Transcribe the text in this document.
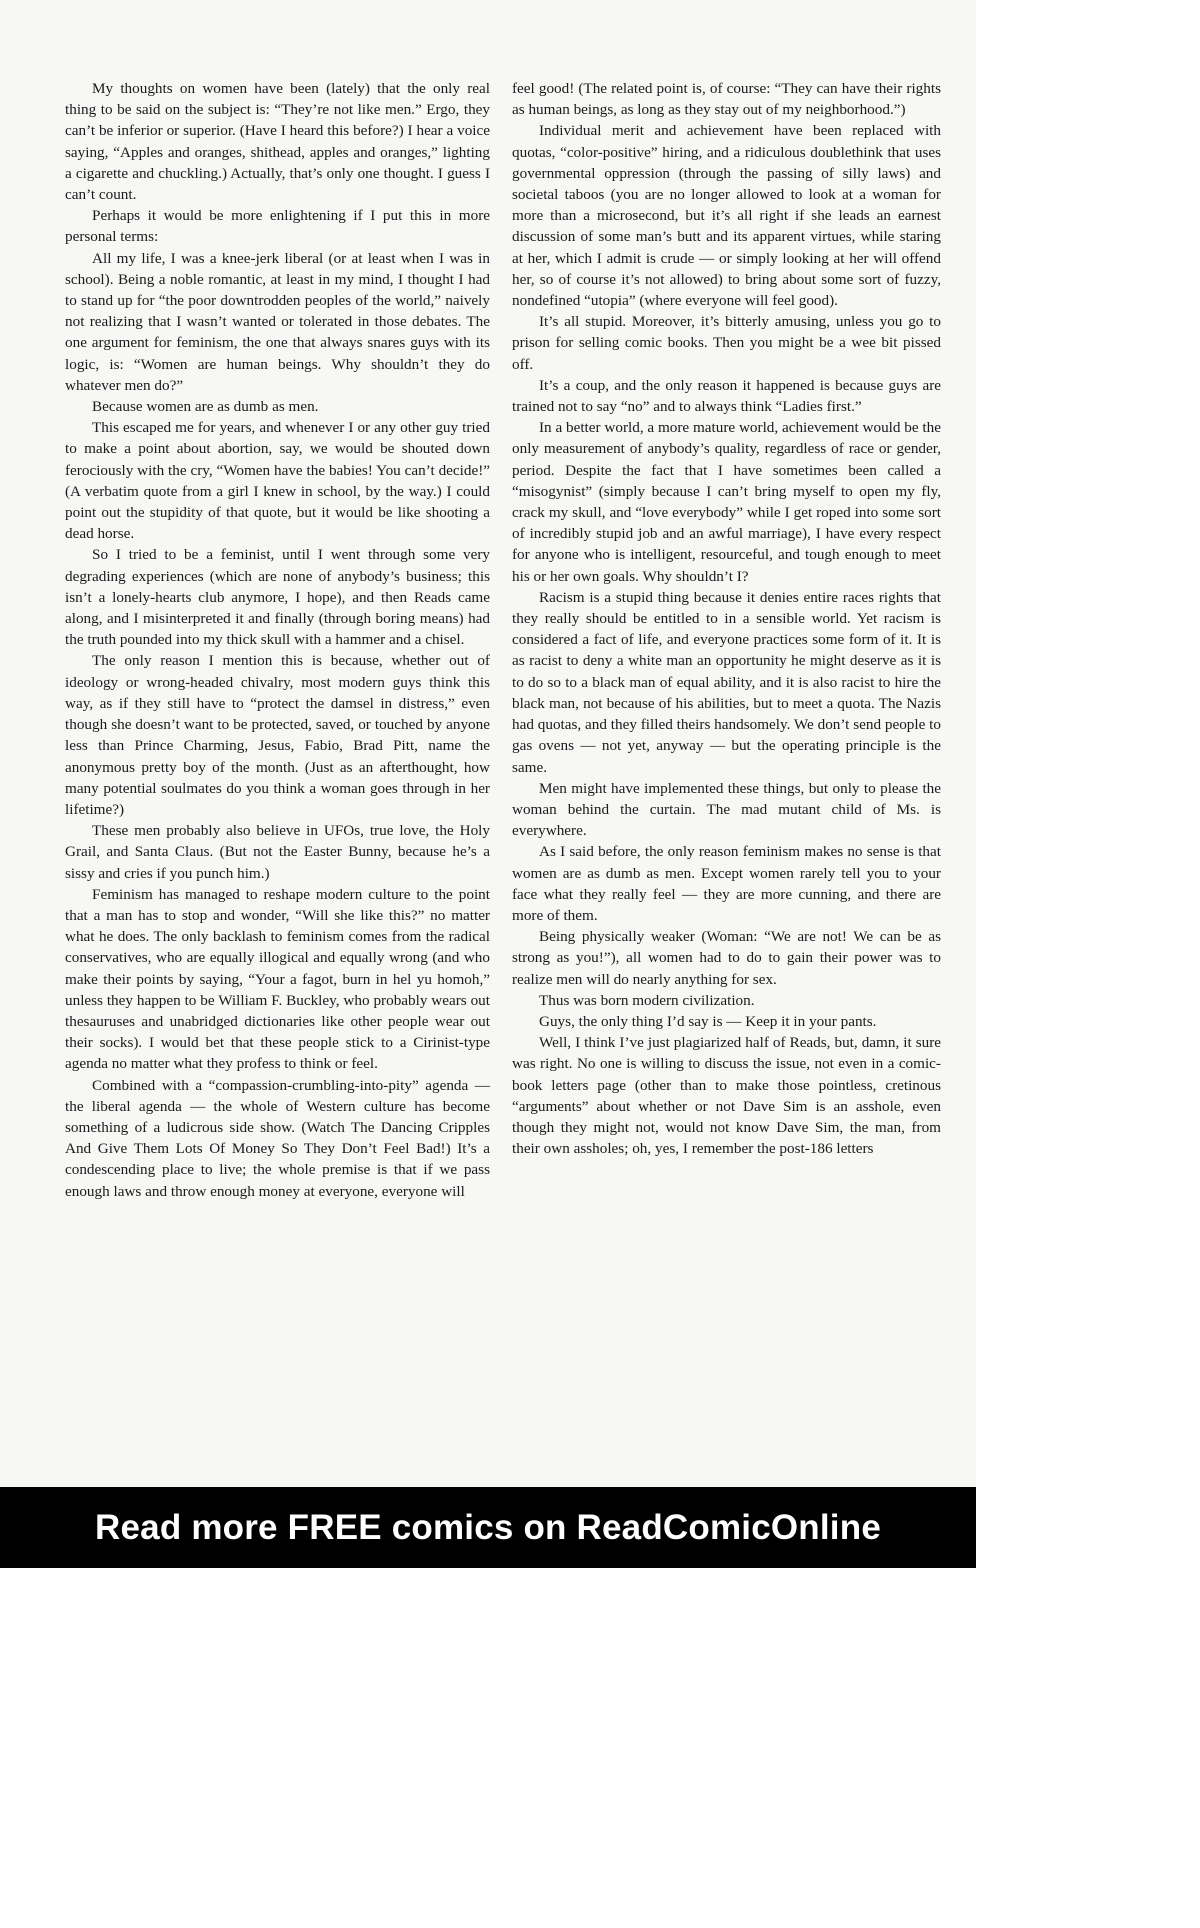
My thoughts on women have been (lately) that the only real thing to be said on the subject is: “They’re not like men.” Ergo, they can’t be inferior or superior. (Have I heard this before?) I hear a voice saying, “Apples and oranges, shithead, apples and oranges,” lighting a cigarette and chuckling.) Actually, that’s only one thought. I guess I can’t count.

Perhaps it would be more enlightening if I put this in more personal terms:

All my life, I was a knee-jerk liberal (or at least when I was in school). Being a noble romantic, at least in my mind, I thought I had to stand up for “the poor downtrodden peoples of the world,” naively not realizing that I wasn’t wanted or tolerated in those debates. The one argument for feminism, the one that always snares guys with its logic, is: “Women are human beings. Why shouldn’t they do whatever men do?”

Because women are as dumb as men.

This escaped me for years, and whenever I or any other guy tried to make a point about abortion, say, we would be shouted down ferociously with the cry, “Women have the babies! You can’t decide!” (A verbatim quote from a girl I knew in school, by the way.) I could point out the stupidity of that quote, but it would be like shooting a dead horse.

So I tried to be a feminist, until I went through some very degrading experiences (which are none of anybody’s business; this isn’t a lonely-hearts club anymore, I hope), and then Reads came along, and I misinterpreted it and finally (through boring means) had the truth pounded into my thick skull with a hammer and a chisel.

The only reason I mention this is because, whether out of ideology or wrong-headed chivalry, most modern guys think this way, as if they still have to “protect the damsel in distress,” even though she doesn’t want to be protected, saved, or touched by anyone less than Prince Charming, Jesus, Fabio, Brad Pitt, name the anonymous pretty boy of the month. (Just as an afterthought, how many potential soulmates do you think a woman goes through in her lifetime?)

These men probably also believe in UFOs, true love, the Holy Grail, and Santa Claus. (But not the Easter Bunny, because he’s a sissy and cries if you punch him.)

Feminism has managed to reshape modern culture to the point that a man has to stop and wonder, “Will she like this?” no matter what he does. The only backlash to feminism comes from the radical conservatives, who are equally illogical and equally wrong (and who make their points by saying, “Your a fagot, burn in hel yu homoh,” unless they happen to be William F. Buckley, who probably wears out thesauruses and unabridged dictionaries like other people wear out their socks). I would bet that these people stick to a Cirinist-type agenda no matter what they profess to think or feel.

Combined with a “compassion-crumbling-into-pity” agenda — the liberal agenda — the whole of Western culture has become something of a ludicrous side show. (Watch The Dancing Cripples And Give Them Lots Of Money So They Don’t Feel Bad!) It’s a condescending place to live; the whole premise is that if we pass enough laws and throw enough money at everyone, everyone will

feel good! (The related point is, of course: “They can have their rights as human beings, as long as they stay out of my neighborhood.”)

Individual merit and achievement have been replaced with quotas, “color-positive” hiring, and a ridiculous doublethink that uses governmental oppression (through the passing of silly laws) and societal taboos (you are no longer allowed to look at a woman for more than a microsecond, but it’s all right if she leads an earnest discussion of some man’s butt and its apparent virtues, while staring at her, which I admit is crude — or simply looking at her will offend her, so of course it’s not allowed) to bring about some sort of fuzzy, nondefined “utopia” (where everyone will feel good).

It’s all stupid. Moreover, it’s bitterly amusing, unless you go to prison for selling comic books. Then you might be a wee bit pissed off.

It’s a coup, and the only reason it happened is because guys are trained not to say “no” and to always think “Ladies first.”

In a better world, a more mature world, achievement would be the only measurement of anybody’s quality, regardless of race or gender, period. Despite the fact that I have sometimes been called a “misogynist” (simply because I can’t bring myself to open my fly, crack my skull, and “love everybody” while I get roped into some sort of incredibly stupid job and an awful marriage), I have every respect for anyone who is intelligent, resourceful, and tough enough to meet his or her own goals. Why shouldn’t I?

Racism is a stupid thing because it denies entire races rights that they really should be entitled to in a sensible world. Yet racism is considered a fact of life, and everyone practices some form of it. It is as racist to deny a white man an opportunity he might deserve as it is to do so to a black man of equal ability, and it is also racist to hire the black man, not because of his abilities, but to meet a quota. The Nazis had quotas, and they filled theirs handsomely. We don’t send people to gas ovens — not yet, anyway — but the operating principle is the same.

Men might have implemented these things, but only to please the woman behind the curtain. The mad mutant child of Ms. is everywhere.

As I said before, the only reason feminism makes no sense is that women are as dumb as men. Except women rarely tell you to your face what they really feel — they are more cunning, and there are more of them.

Being physically weaker (Woman: “We are not! We can be as strong as you!”), all women had to do to gain their power was to realize men will do nearly anything for sex.

Thus was born modern civilization.

Guys, the only thing I’d say is — Keep it in your pants.

Well, I think I’ve just plagiarized half of Reads, but, damn, it sure was right. No one is willing to discuss the issue, not even in a comic-book letters page (other than to make those pointless, cretinous “arguments” about whether or not Dave Sim is an asshole, even though they might not, would not know Dave Sim, the man, from their own assholes; oh, yes, I remember the post-186 letters

Read more FREE comics on ReadComicOnline
